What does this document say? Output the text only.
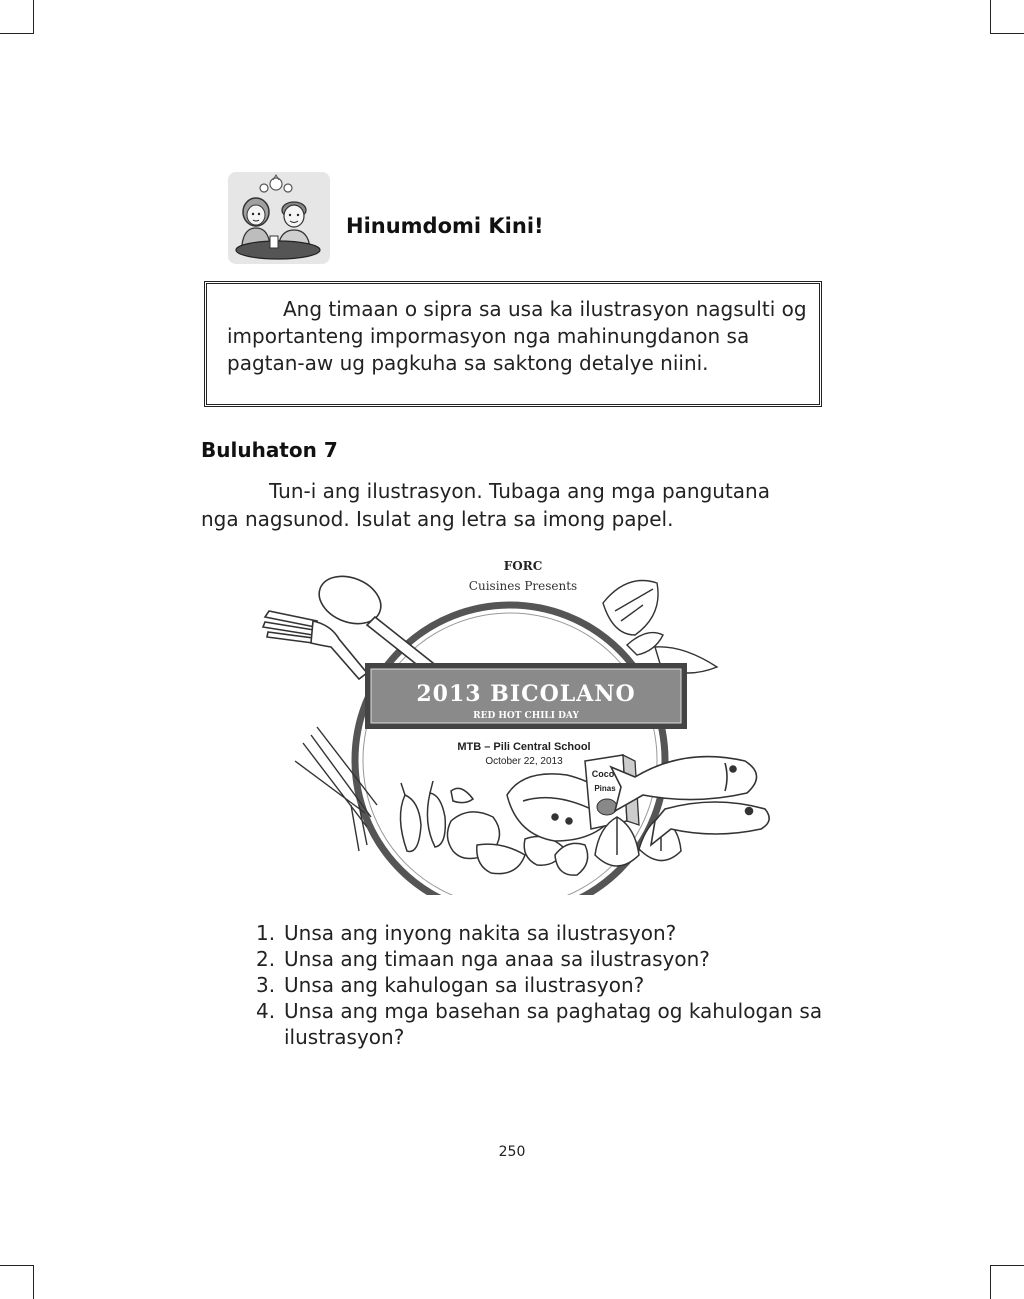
Hinumdomi Kini!

Ang timaan o sipra sa usa ka ilustrasyon nagsulti og importanteng impormasyon nga mahinungdanon sa pagtan-aw ug pagkuha sa saktong detalye niini.

Buluhaton 7

Tun-i ang ilustrasyon. Tubaga ang mga pangutana nga nagsunod. Isulat ang letra sa imong papel.

FORC
Cuisines Presents
2013 BICOLANO
RED HOT CHILI DAY
MTB – Pili Central School
October 22, 2013
Coco
Pinas
1. Unsa ang inyong nakita sa ilustrasyon?
2. Unsa ang timaan nga anaa sa ilustrasyon?
3. Unsa ang kahulogan sa ilustrasyon?
4. Unsa ang mga basehan sa paghatag og kahulogan sa ilustrasyon?
250
